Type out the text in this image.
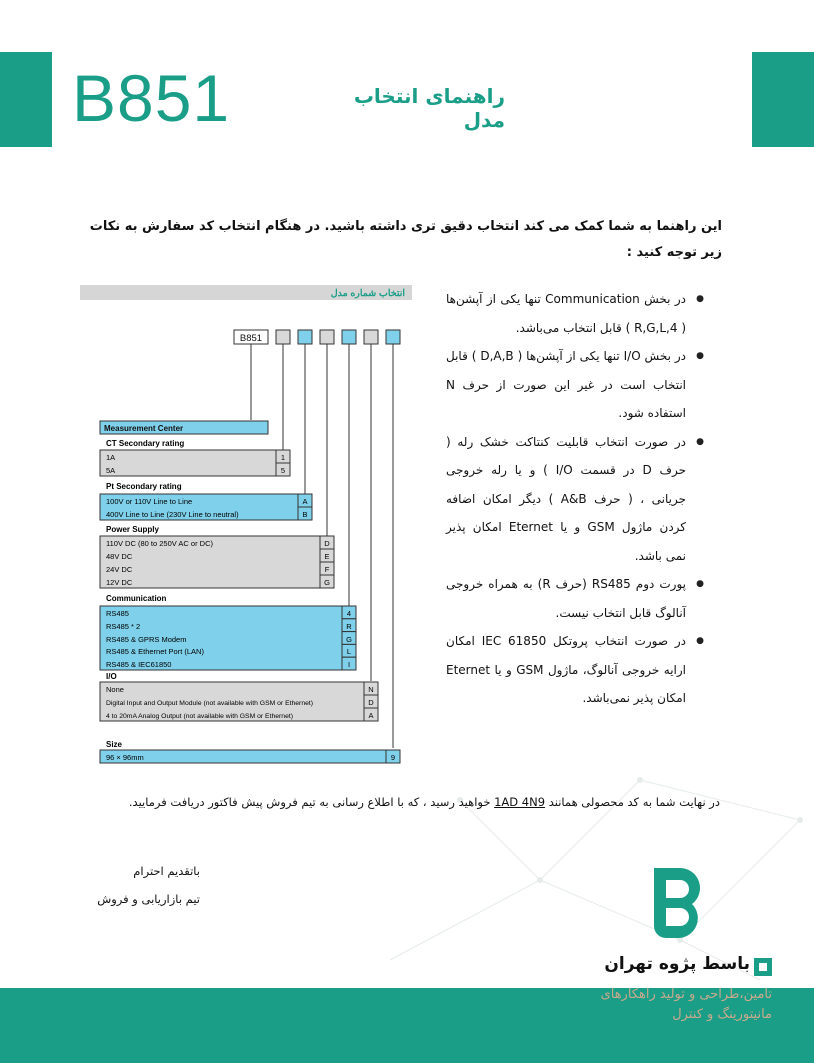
B851	راهنمای انتخاب مدل
این راهنما به شما کمک می کند انتخاب دقیق تری داشته باشید. در هنگام انتخاب کد سفارش به نکات زیر توجه کنید :
انتخاب شماره مدل
B851
Measurement Center
CT Secondary rating
1A
5A
1
5
Pt Secondary rating
100V or 110V Line to Line
400V Line to Line (230V Line to neutral)
A
B
Power Supply
110V DC (80 to 250V AC or DC)
48V DC
24V DC
12V DC
D
E
F
G
Communication
RS485
RS485 * 2
RS485 & GPRS Modem
RS485 & Ethernet Port (LAN)
RS485 & IEC61850
4
R
G
L
I
I/O
None
Digital Input and Output Module (not available with GSM or Ethernet)
4 to 20mA Analog Output (not available with GSM or Ethernet)
N
D
A
Size
96 × 96mm	9
● در بخش Communication تنها یکی از آپشن‌ها ( 4,R,G,L ) قابل انتخاب می‌باشد.
● در بخش I/O تنها یکی از آپشن‌ها ( D,A,B ) قابل انتخاب است در غیر این صورت از حرف N استفاده شود.
● در صورت انتخاب قابلیت کنتاکت خشک رله ( حرف D در قسمت I/O ) و یا رله خروجی جریانی ، ( حرف A&B ) دیگر امکان اضافه کردن ماژول GSM و یا Eternet امکان پذیر نمی باشد.
● پورت دوم RS485 (حرف R) به همراه خروجی آنالوگ قابل انتخاب نیست.
● در صورت انتخاب پروتکل IEC 61850 امکان ارایه خروجی آنالوگ، ماژول GSM و یا Eternet امکان پذیر نمی‌باشد.
در نهایت شما به کد محصولی همانند 1AD 4N9 خواهید رسید ، که با اطلاع رسانی به تیم فروش پیش فاکتور دریافت فرمایید.
باتقدیم احترام
تیم بازاریابی و فروش
باسط پژوه تهران
تامین،طراحی و تولید راهکارهای
مانیتورینگ و کنترل
